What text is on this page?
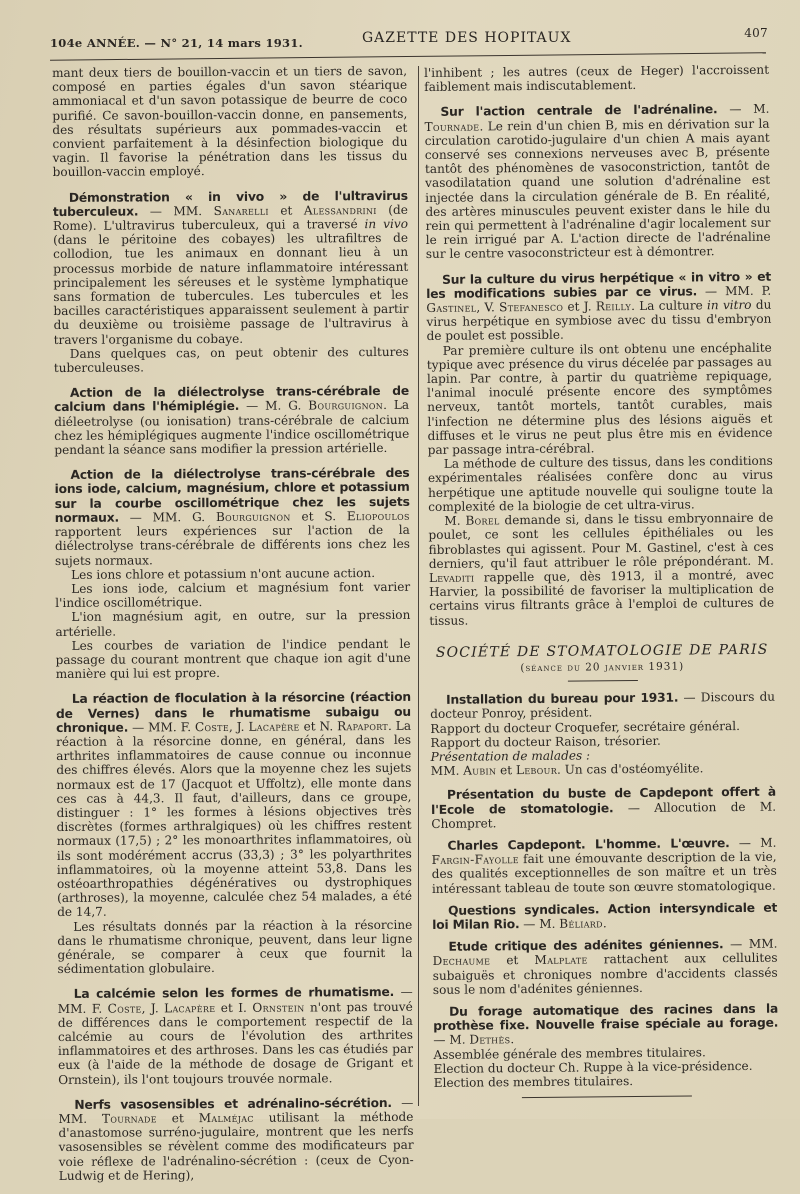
104e ANNÉE. — N° 21, 14 mars 1931.	GAZETTE DES HOPITAUX	407

mant deux tiers de bouillon-vaccin et un tiers de savon, composé en parties égales d'un savon stéarique ammoniacal et d'un savon potassique de beurre de coco purifié. Ce savon-bouillon-vaccin donne, en pansements, des résultats supérieurs aux pommades-vaccin et convient parfaitement à la désinfection biologique du vagin. Il favorise la pénétration dans les tissus du bouillon-vaccin employé.

Démonstration « in vivo » de l'ultravirus tuberculeux. — MM. Sanarelli et Alessandrini (de Rome). L'ultravirus tuberculeux, qui a traversé in vivo (dans le péritoine des cobayes) les ultrafiltres de collodion, tue les animaux en donnant lieu à un processus morbide de nature inflammatoire intéressant principalement les séreuses et le système lymphatique sans formation de tubercules. Les tubercules et les bacilles caractéristiques apparaissent seulement à partir du deuxième ou troisième passage de l'ultravirus à travers l'organisme du cobaye.

Dans quelques cas, on peut obtenir des cultures tuberculeuses.

Action de la diélectrolyse trans-cérébrale de calcium dans l'hémiplégie. — M. G. Bourguignon. La diéleetrolyse (ou ionisation) trans-cérébrale de calcium chez les hémiplégiques augmente l'indice oscillométrique pendant la séance sans modifier la pression artérielle.

Action de la diélectrolyse trans-cérébrale des ions iode, calcium, magnésium, chlore et potassium sur la courbe oscillométrique chez les sujets normaux. — MM. G. Bourguignon et S. Eliopoulos rapportent leurs expériences sur l'action de la diélectrolyse trans-cérébrale de différents ions chez les sujets normaux.

Les ions chlore et potassium n'ont aucune action.

Les ions iode, calcium et magnésium font varier l'indice oscillométrique.

L'ion magnésium agit, en outre, sur la pression artérielle.

Les courbes de variation de l'indice pendant le passage du courant montrent que chaque ion agit d'une manière qui lui est propre.

La réaction de floculation à la résorcine (réaction de Vernes) dans le rhumatisme subaigu ou chronique. — MM. F. Coste, J. Lacapère et N. Rapaport. La réaction à la résorcine donne, en général, dans les arthrites inflammatoires de cause connue ou inconnue des chiffres élevés. Alors que la moyenne chez les sujets normaux est de 17 (Jacquot et Uffoltz), elle monte dans ces cas à 44,3. Il faut, d'ailleurs, dans ce groupe, distinguer : 1° les formes à lésions objectives très discrètes (formes arthralgiques) où les chiffres restent normaux (17,5) ; 2° les monoarthrites inflammatoires, où ils sont modérément accrus (33,3) ; 3° les polyarthrites inflammatoires, où la moyenne atteint 53,8. Dans les ostéoarthropathies dégénératives ou dystrophiques (arthroses), la moyenne, calculée chez 54 malades, a été de 14,7.

Les résultats donnés par la réaction à la résorcine dans le rhumatisme chronique, peuvent, dans leur ligne générale, se comparer à ceux que fournit la sédimentation globulaire.

La calcémie selon les formes de rhumatisme. — MM. F. Coste, J. Lacapère et I. Ornstein n'ont pas trouvé de différences dans le comportement respectif de la calcémie au cours de l'évolution des arthrites inflammatoires et des arthroses. Dans les cas étudiés par eux (à l'aide de la méthode de dosage de Grigant et Ornstein), ils l'ont toujours trouvée normale.

Nerfs vasosensibles et adrénalino-sécrétion. — MM. Tournade et Malméjac utilisant la méthode d'anastomose surréno-jugulaire, montrent que les nerfs vasosensibles se révèlent comme des modificateurs par voie réflexe de l'adrénalino-sécrétion : (ceux de Cyon-Ludwig et de Hering),

l'inhibent ; les autres (ceux de Heger) l'accroissent faiblement mais indiscutablement.

Sur l'action centrale de l'adrénaline. — M. Tournade. Le rein d'un chien B, mis en dérivation sur la circulation carotido-jugulaire d'un chien A mais ayant conservé ses connexions nerveuses avec B, présente tantôt des phénomènes de vasoconstriction, tantôt de vasodilatation quand une solution d'adrénaline est injectée dans la circulation générale de B. En réalité, des artères minuscules peuvent exister dans le hile du rein qui permettent à l'adrénaline d'agir localement sur le rein irrigué par A. L'action directe de l'adrénaline sur le centre vasoconstricteur est à démontrer.

Sur la culture du virus herpétique « in vitro » et les modifications subies par ce virus. — MM. P. Gastinel, V. Stefanesco et J. Reilly. La culture in vitro du virus herpétique en symbiose avec du tissu d'embryon de poulet est possible.

Par première culture ils ont obtenu une encéphalite typique avec présence du virus décelée par passages au lapin. Par contre, à partir du quatrième repiquage, l'animal inoculé présente encore des symptômes nerveux, tantôt mortels, tantôt curables, mais l'infection ne détermine plus des lésions aiguës et diffuses et le virus ne peut plus être mis en évidence par passage intra-cérébral.

La méthode de culture des tissus, dans les conditions expérimentales réalisées confère donc au virus herpétique une aptitude nouvelle qui souligne toute la complexité de la biologie de cet ultra-virus.

M. Borel demande si, dans le tissu embryonnaire de poulet, ce sont les cellules épithéliales ou les fibroblastes qui agissent. Pour M. Gastinel, c'est à ces derniers, qu'il faut attribuer le rôle prépondérant. M. Levaditi rappelle que, dès 1913, il a montré, avec Harvier, la possibilité de favoriser la multiplication de certains virus filtrants grâce à l'emploi de cultures de tissus.

SOCIÉTÉ DE STOMATOLOGIE DE PARIS
(séance du 20 janvier 1931)

Installation du bureau pour 1931. — Discours du docteur Ponroy, président.

Rapport du docteur Croquefer, secrétaire général.

Rapport du docteur Raison, trésorier.

Présentation de malades :

MM. Aubin et Lebour. Un cas d'ostéomyélite.

Présentation du buste de Capdepont offert à l'Ecole de stomatologie. — Allocution de M. Chompret.

Charles Capdepont. L'homme. L'œuvre. — M. Fargin-Fayolle fait une émouvante description de la vie, des qualités exceptionnelles de son maître et un très intéressant tableau de toute son œuvre stomatologique.

Questions syndicales. Action intersyndicale et loi Milan Rio. — M. Béliard.

Etude critique des adénites géniennes. — MM. Dechaume et Malplate rattachent aux cellulites subaiguës et chroniques nombre d'accidents classés sous le nom d'adénites géniennes.

Du forage automatique des racines dans la prothèse fixe. Nouvelle fraise spéciale au forage. — M. Dethès.

Assemblée générale des membres titulaires.

Election du docteur Ch. Ruppe à la vice-présidence.

Election des membres titulaires.
